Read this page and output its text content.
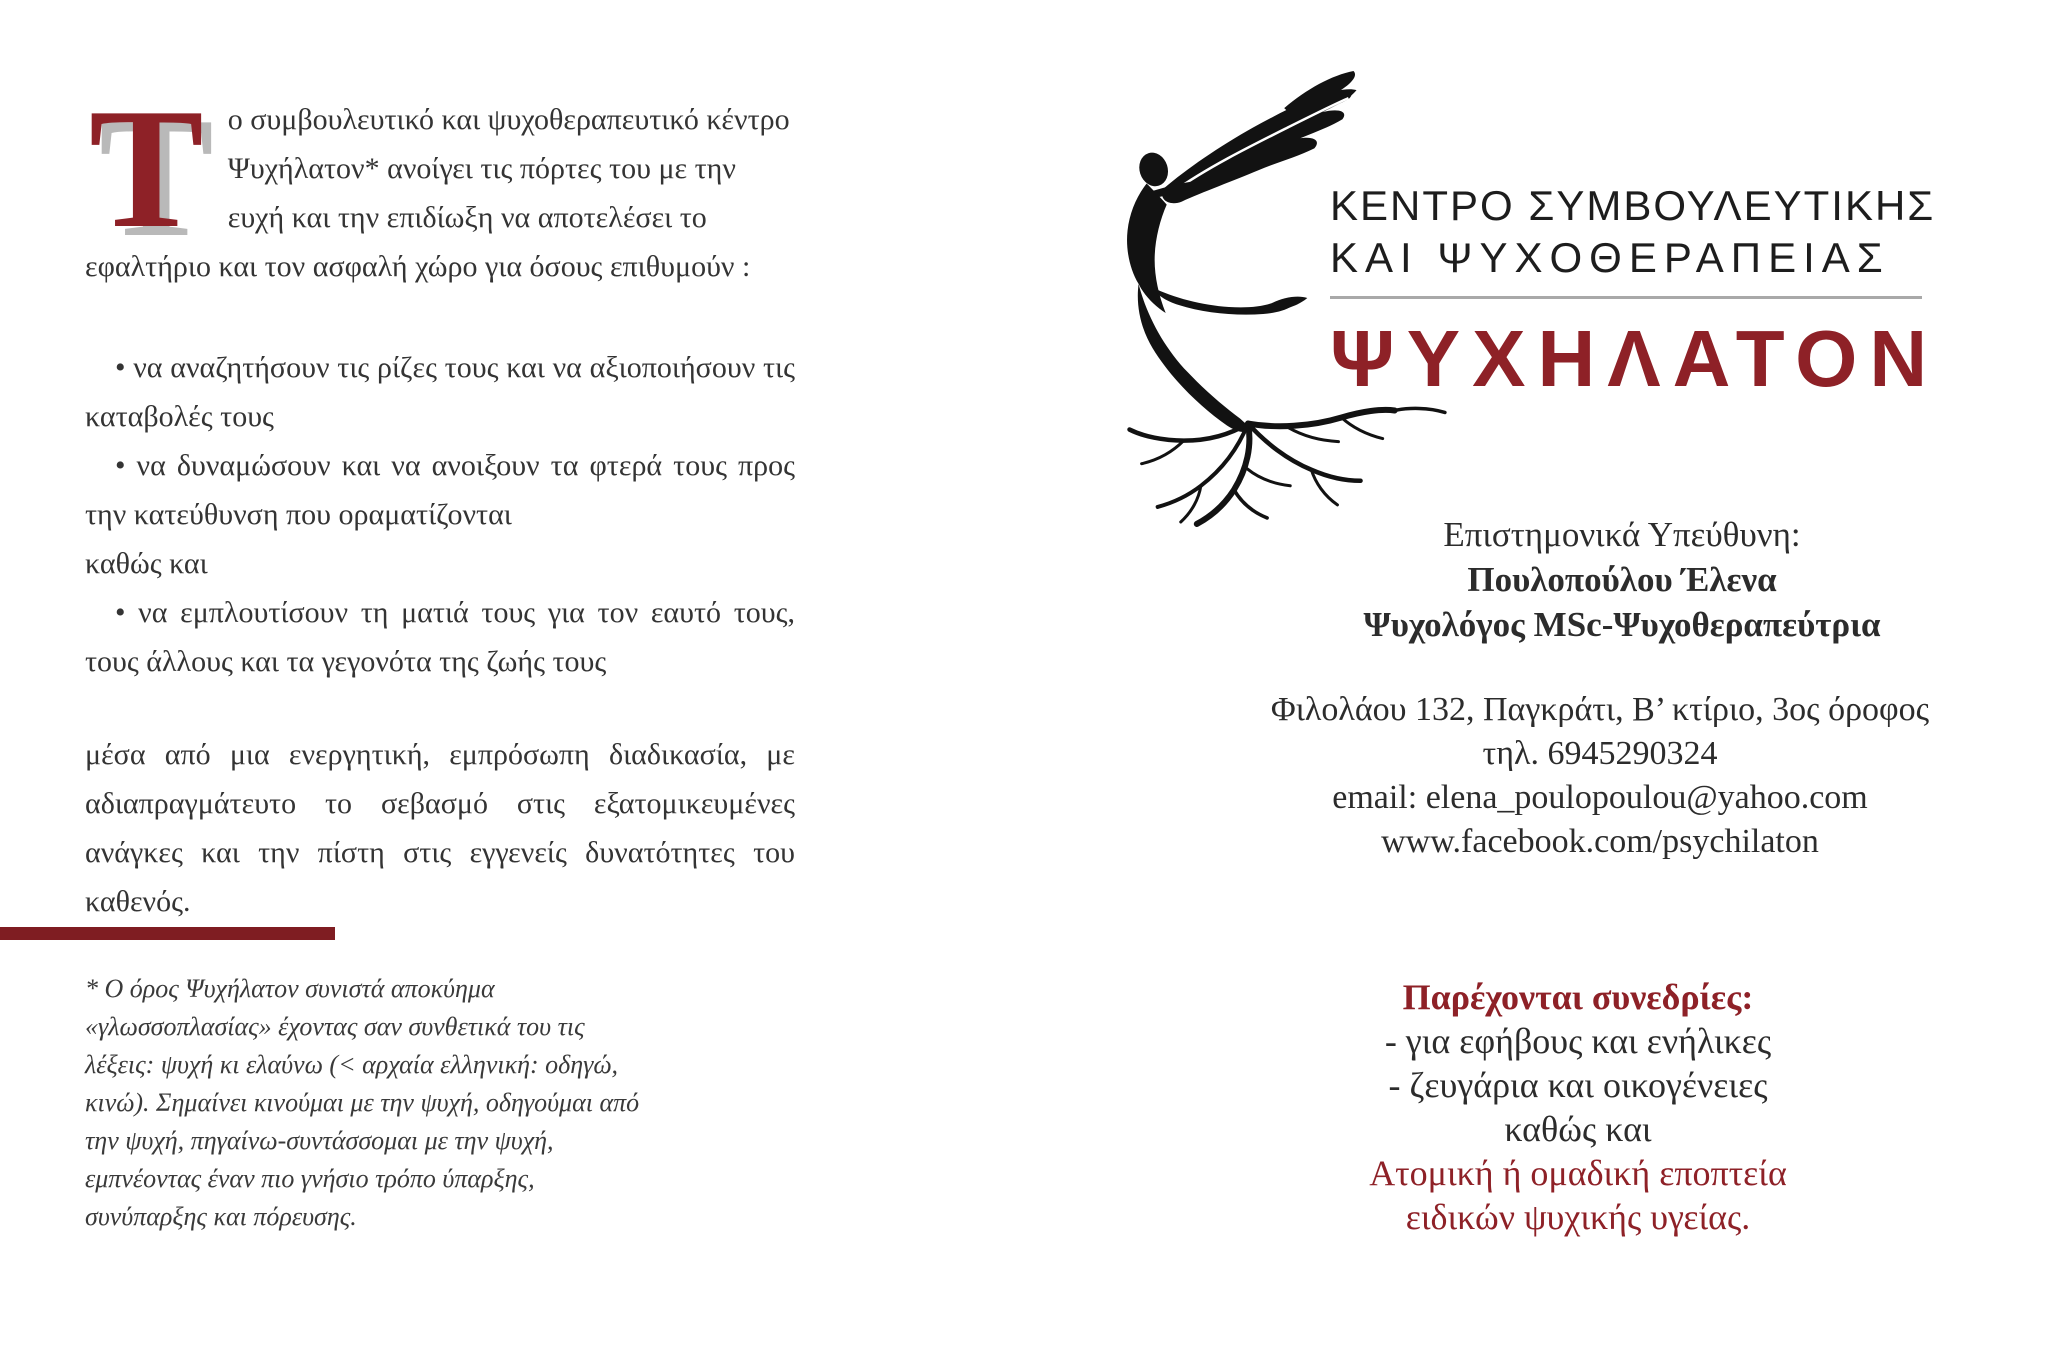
Το συμβουλευτικό και ψυχοθεραπευτικό κέντρο Ψυχήλατον* ανοίγει τις πόρτες του με την ευχή και την επιδίωξη να αποτελέσει το εφαλτήριο και τον ασφαλή χώρο για όσους επιθυμούν :

• να αναζητήσουν τις ρίζες τους και να αξιοποιήσουν τις καταβολές τους

• να δυναμώσουν και να ανοιξουν τα φτερά τους προς την κατεύθυνση που οραματίζονται

καθώς και

• να εμπλουτίσουν τη ματιά τους για τον εαυτό τους, τους άλλους και τα γεγονότα της ζωής τους

μέσα από μια ενεργητική, εμπρόσωπη διαδικασία, με αδιαπραγμάτευτο το σεβασμό στις εξατομικευμένες ανάγκες και την πίστη στις εγγενείς δυνατότητες του καθενός.

* Ο όρος Ψυχήλατον συνιστά αποκύημα «γλωσσοπλασίας» έχοντας σαν συνθετικά του τις λέξεις: ψυχή κι ελαύνω (< αρχαία ελληνική: οδηγώ, κινώ). Σημαίνει κινούμαι με την ψυχή, οδηγούμαι από την ψυχή, πηγαίνω-συντάσσομαι με την ψυχή, εμπνέοντας έναν πιο γνήσιο τρόπο ύπαρξης, συνύπαρξης και πόρευσης.
ΚΕΝΤΡΟ ΣΥΜΒΟΥΛΕΥΤΙΚΗΣ
ΚΑΙ ΨΥΧΟΘΕΡΑΠΕΙΑΣ
ΨΥΧΗΛΑΤΟΝ
Επιστημονικά Υπεύθυνη:
Πουλοπούλου Έλενα
Ψυχολόγος MSc-Ψυχοθεραπεύτρια
Φιλολάου 132, Παγκράτι, Β’ κτίριο, 3ος όροφος
τηλ. 6945290324
email: elena_poulopoulou@yahoo.com
www.facebook.com/psychilaton
Παρέχονται συνεδρίες:
- για εφήβους και ενήλικες
- ζευγάρια και οικογένειες
καθώς και
Ατομική ή ομαδική εποπτεία
ειδικών ψυχικής υγείας.
